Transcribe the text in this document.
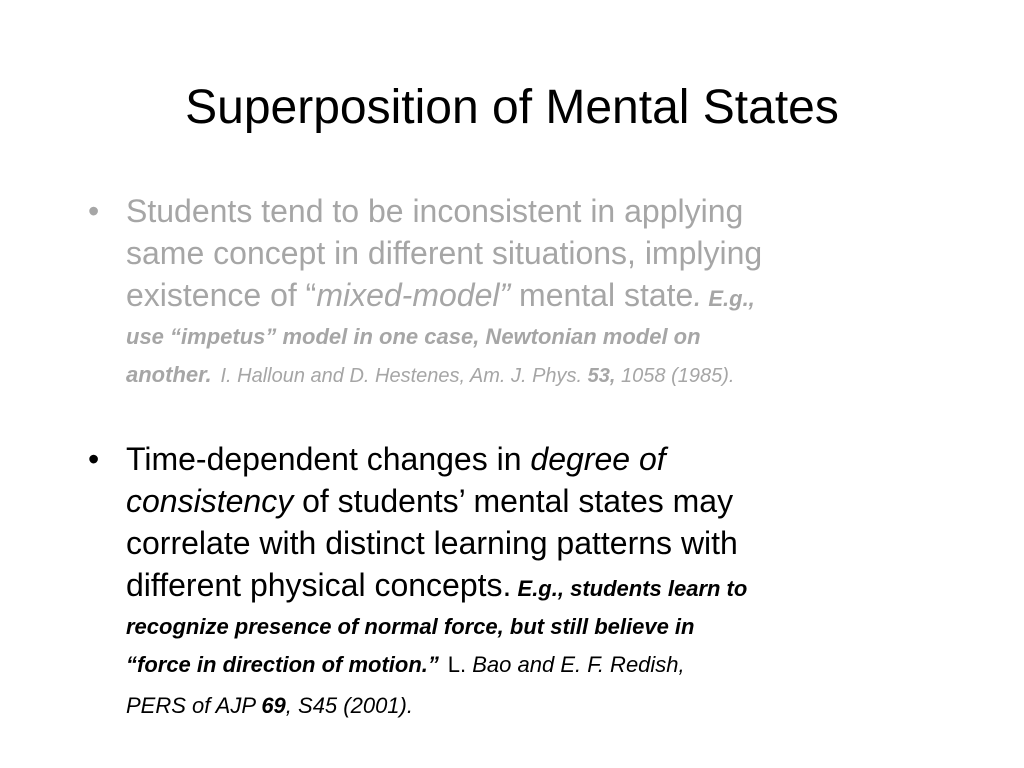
Superposition of Mental States
• Students tend to be inconsistent in applying
same concept in different situations, implying
existence of “mixed-model” mental state. E.g.,
use “impetus” model in one case, Newtonian model on
another. I. Halloun and D. Hestenes, Am. J. Phys. 53, 1058 (1985).
• Time-dependent changes in degree of
consistency of students’ mental states may
correlate with distinct learning patterns with
different physical concepts. E.g., students learn to
recognize presence of normal force, but still believe in
“force in direction of motion.” L. Bao and E. F. Redish,
PERS of AJP 69, S45 (2001).
